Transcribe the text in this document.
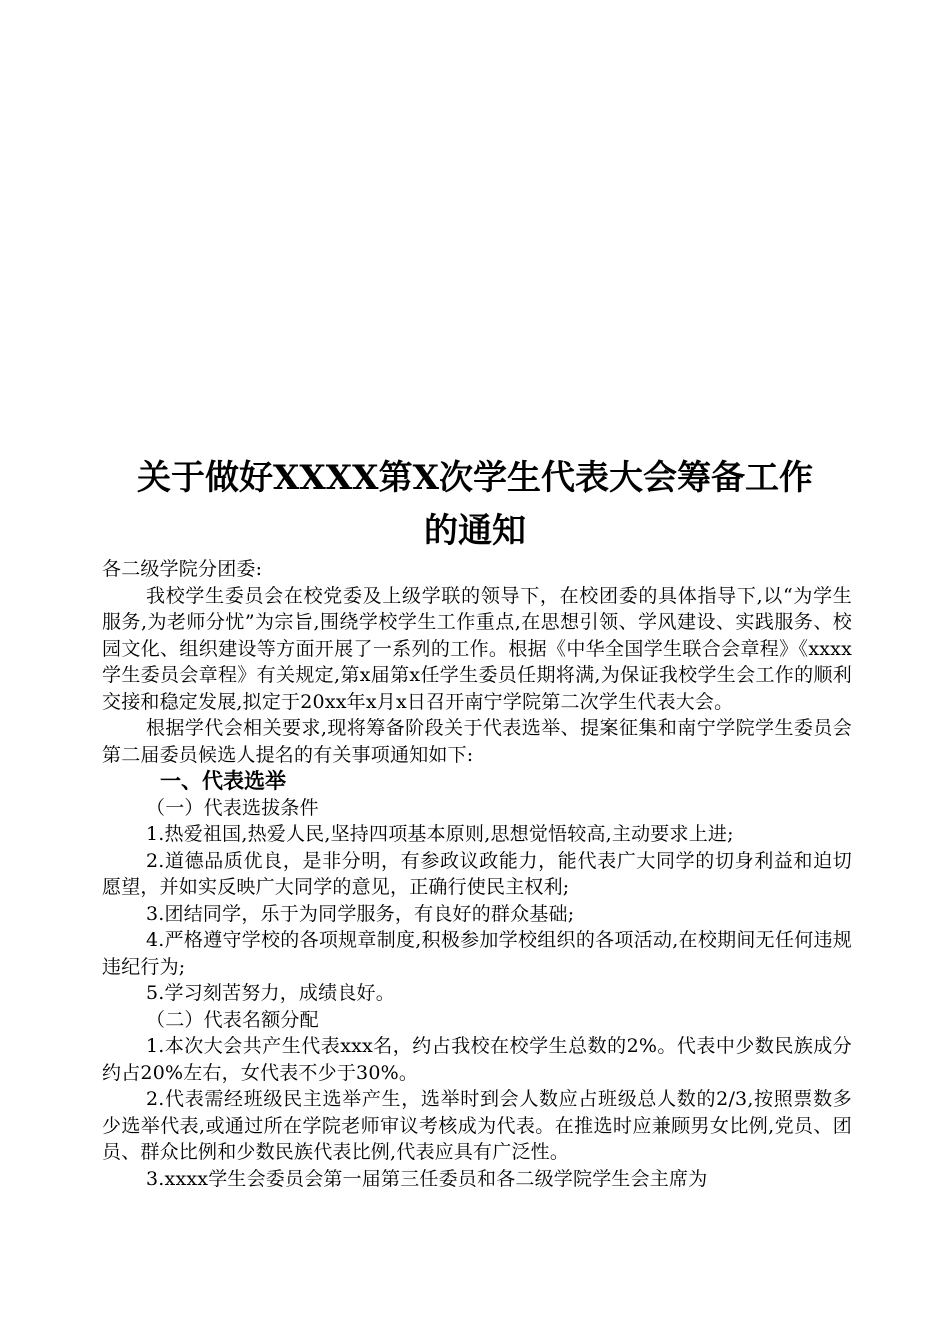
关于做好XXXX第X次学生代表大会筹备工作
的通知

各二级学院分团委:

我校学生委员会在校党委及上级学联的领导下，在校团委的具体指导下,以“为学生服务,为老师分忧”为宗旨,围绕学校学生工作重点,在思想引领、学风建设、实践服务、校园文化、组织建设等方面开展了一系列的工作。根据《中华全国学生联合会章程》《xxxx学生委员会章程》有关规定,第x届第x任学生委员任期将满,为保证我校学生会工作的顺利交接和稳定发展,拟定于20xx年x月x日召开南宁学院第二次学生代表大会。

根据学代会相关要求,现将筹备阶段关于代表选举、提案征集和南宁学院学生委员会第二届委员候选人提名的有关事项通知如下:

一、代表选举

（一）代表选拔条件

1.热爱祖国,热爱人民,坚持四项基本原则,思想觉悟较高,主动要求上进;

2.道德品质优良，是非分明，有参政议政能力，能代表广大同学的切身利益和迫切愿望，并如实反映广大同学的意见，正确行使民主权利;

3.团结同学，乐于为同学服务，有良好的群众基础;

4.严格遵守学校的各项规章制度,积极参加学校组织的各项活动,在校期间无任何违规违纪行为;

5.学习刻苦努力，成绩良好。

（二）代表名额分配

1.本次大会共产生代表xxx名，约占我校在校学生总数的2%。代表中少数民族成分约占20%左右，女代表不少于30%。

2.代表需经班级民主选举产生，选举时到会人数应占班级总人数的2/3,按照票数多少选举代表,或通过所在学院老师审议考核成为代表。在推选时应兼顾男女比例,党员、团员、群众比例和少数民族代表比例,代表应具有广泛性。

3.xxxx学生会委员会第一届第三任委员和各二级学院学生会主席为
